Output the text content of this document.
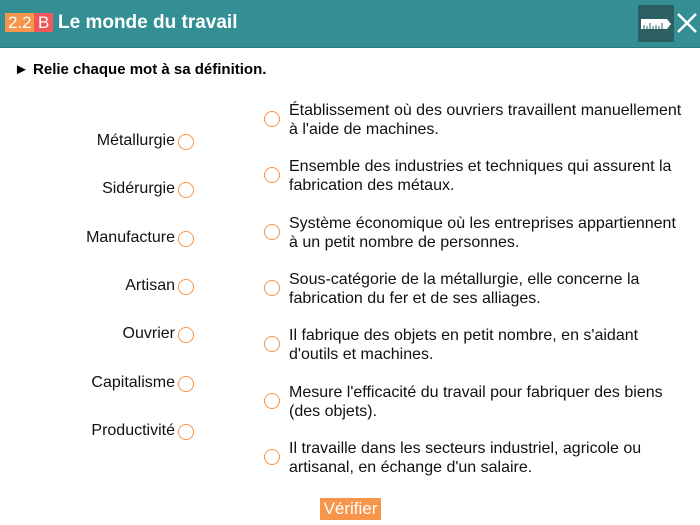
2.2 B Le monde du travail
► Relie chaque mot à sa définition.
Métallurgie
Sidérurgie
Manufacture
Artisan
Ouvrier
Capitalisme
Productivité
Établissement où des ouvriers travaillent manuellement à l'aide de machines.
Ensemble des industries et techniques qui assurent la fabrication des métaux.
Système économique où les entreprises appartiennent à un petit nombre de personnes.
Sous-catégorie de la métallurgie, elle concerne la fabrication du fer et de ses alliages.
Il fabrique des objets en petit nombre, en s'aidant d'outils et machines.
Mesure l'efficacité du travail pour fabriquer des biens (des objets).
Il travaille dans les secteurs industriel, agricole ou artisanal, en échange d'un salaire.
Vérifier
